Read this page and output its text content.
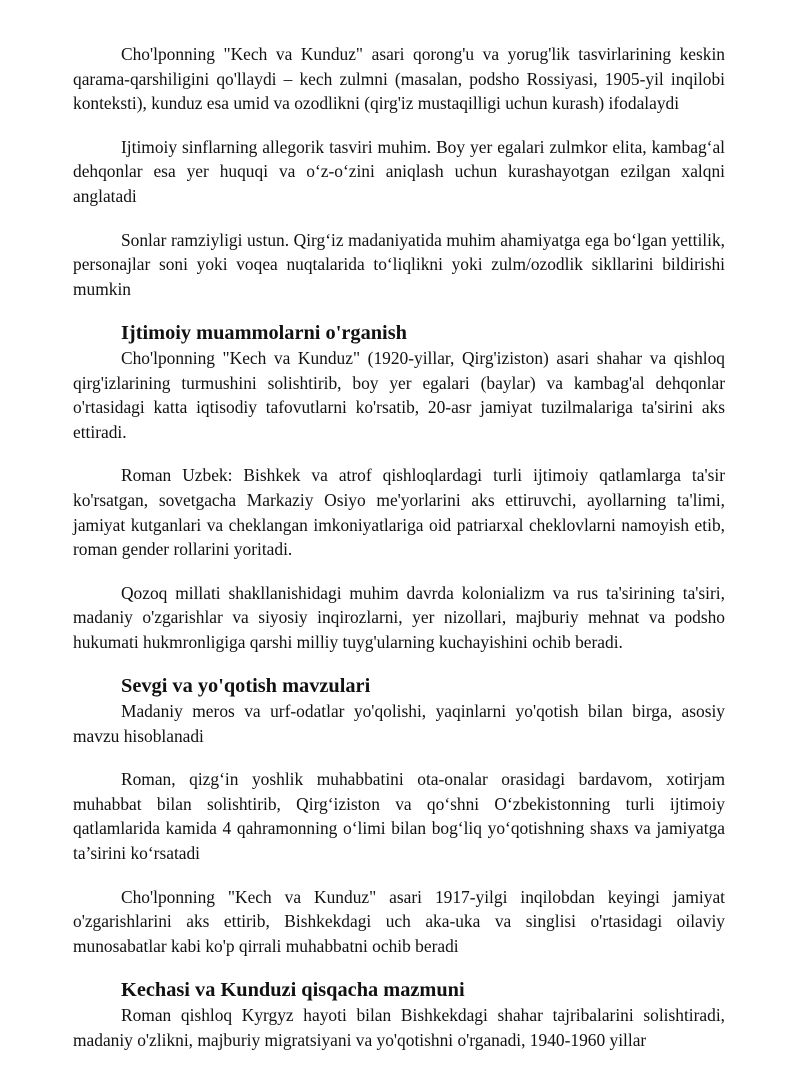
Cho'lponning "Kech va Kunduz" asari qorong'u va yorug'lik tasvirlarining keskin qarama-qarshiligini qo'llaydi – kech zulmni (masalan, podsho Rossiyasi, 1905-yil inqilobi konteksti), kunduz esa umid va ozodlikni (qirg'iz mustaqilligi uchun kurash) ifodalaydi

Ijtimoiy sinflarning allegorik tasviri muhim. Boy yer egalari zulmkor elita, kambag‘al dehqonlar esa yer huquqi va o‘z-o‘zini aniqlash uchun kurashayotgan ezilgan xalqni anglatadi

Sonlar ramziyligi ustun. Qirg‘iz madaniyatida muhim ahamiyatga ega bo‘lgan yettilik, personajlar soni yoki voqea nuqtalarida to‘liqlikni yoki zulm/ozodlik sikllarini bildirishi mumkin

Ijtimoiy muammolarni o'rganish

Cho'lponning "Kech va Kunduz" (1920-yillar, Qirg'iziston) asari shahar va qishloq qirg'izlarining turmushini solishtirib, boy yer egalari (baylar) va kambag'al dehqonlar o'rtasidagi katta iqtisodiy tafovutlarni ko'rsatib, 20-asr jamiyat tuzilmalariga ta'sirini aks ettiradi.

Roman Uzbek: Bishkek va atrof qishloqlardagi turli ijtimoiy qatlamlarga ta'sir ko'rsatgan, sovetgacha Markaziy Osiyo me'yorlarini aks ettiruvchi, ayollarning ta'limi, jamiyat kutganlari va cheklangan imkoniyatlariga oid patriarxal cheklovlarni namoyish etib, roman gender rollarini yoritadi.

Qozoq millati shakllanishidagi muhim davrda kolonializm va rus ta'sirining ta'siri, madaniy o'zgarishlar va siyosiy inqirozlarni, yer nizollari, majburiy mehnat va podsho hukumati hukmronligiga qarshi milliy tuyg'ularning kuchayishini ochib beradi.

Sevgi va yo'qotish mavzulari

Madaniy meros va urf-odatlar yo'qolishi, yaqinlarni yo'qotish bilan birga, asosiy mavzu hisoblanadi

Roman, qizg‘in yoshlik muhabbatini ota-onalar orasidagi bardavom, xotirjam muhabbat bilan solishtirib, Qirg‘iziston va qo‘shni O‘zbekistonning turli ijtimoiy qatlamlarida kamida 4 qahramonning o‘limi bilan bog‘liq yo‘qotishning shaxs va jamiyatga ta’sirini ko‘rsatadi

Cho'lponning "Kech va Kunduz" asari 1917-yilgi inqilobdan keyingi jamiyat o'zgarishlarini aks ettirib, Bishkekdagi uch aka-uka va singlisi o'rtasidagi oilaviy munosabatlar kabi ko'p qirrali muhabbatni ochib beradi

Kechasi va Kunduzi qisqacha mazmuni

Roman qishloq Kyrgyz hayoti bilan Bishkekdagi shahar tajribalarini solishtiradi, madaniy o'zlikni, majburiy migratsiyani va yo'qotishni o'rganadi, 1940-1960 yillar
